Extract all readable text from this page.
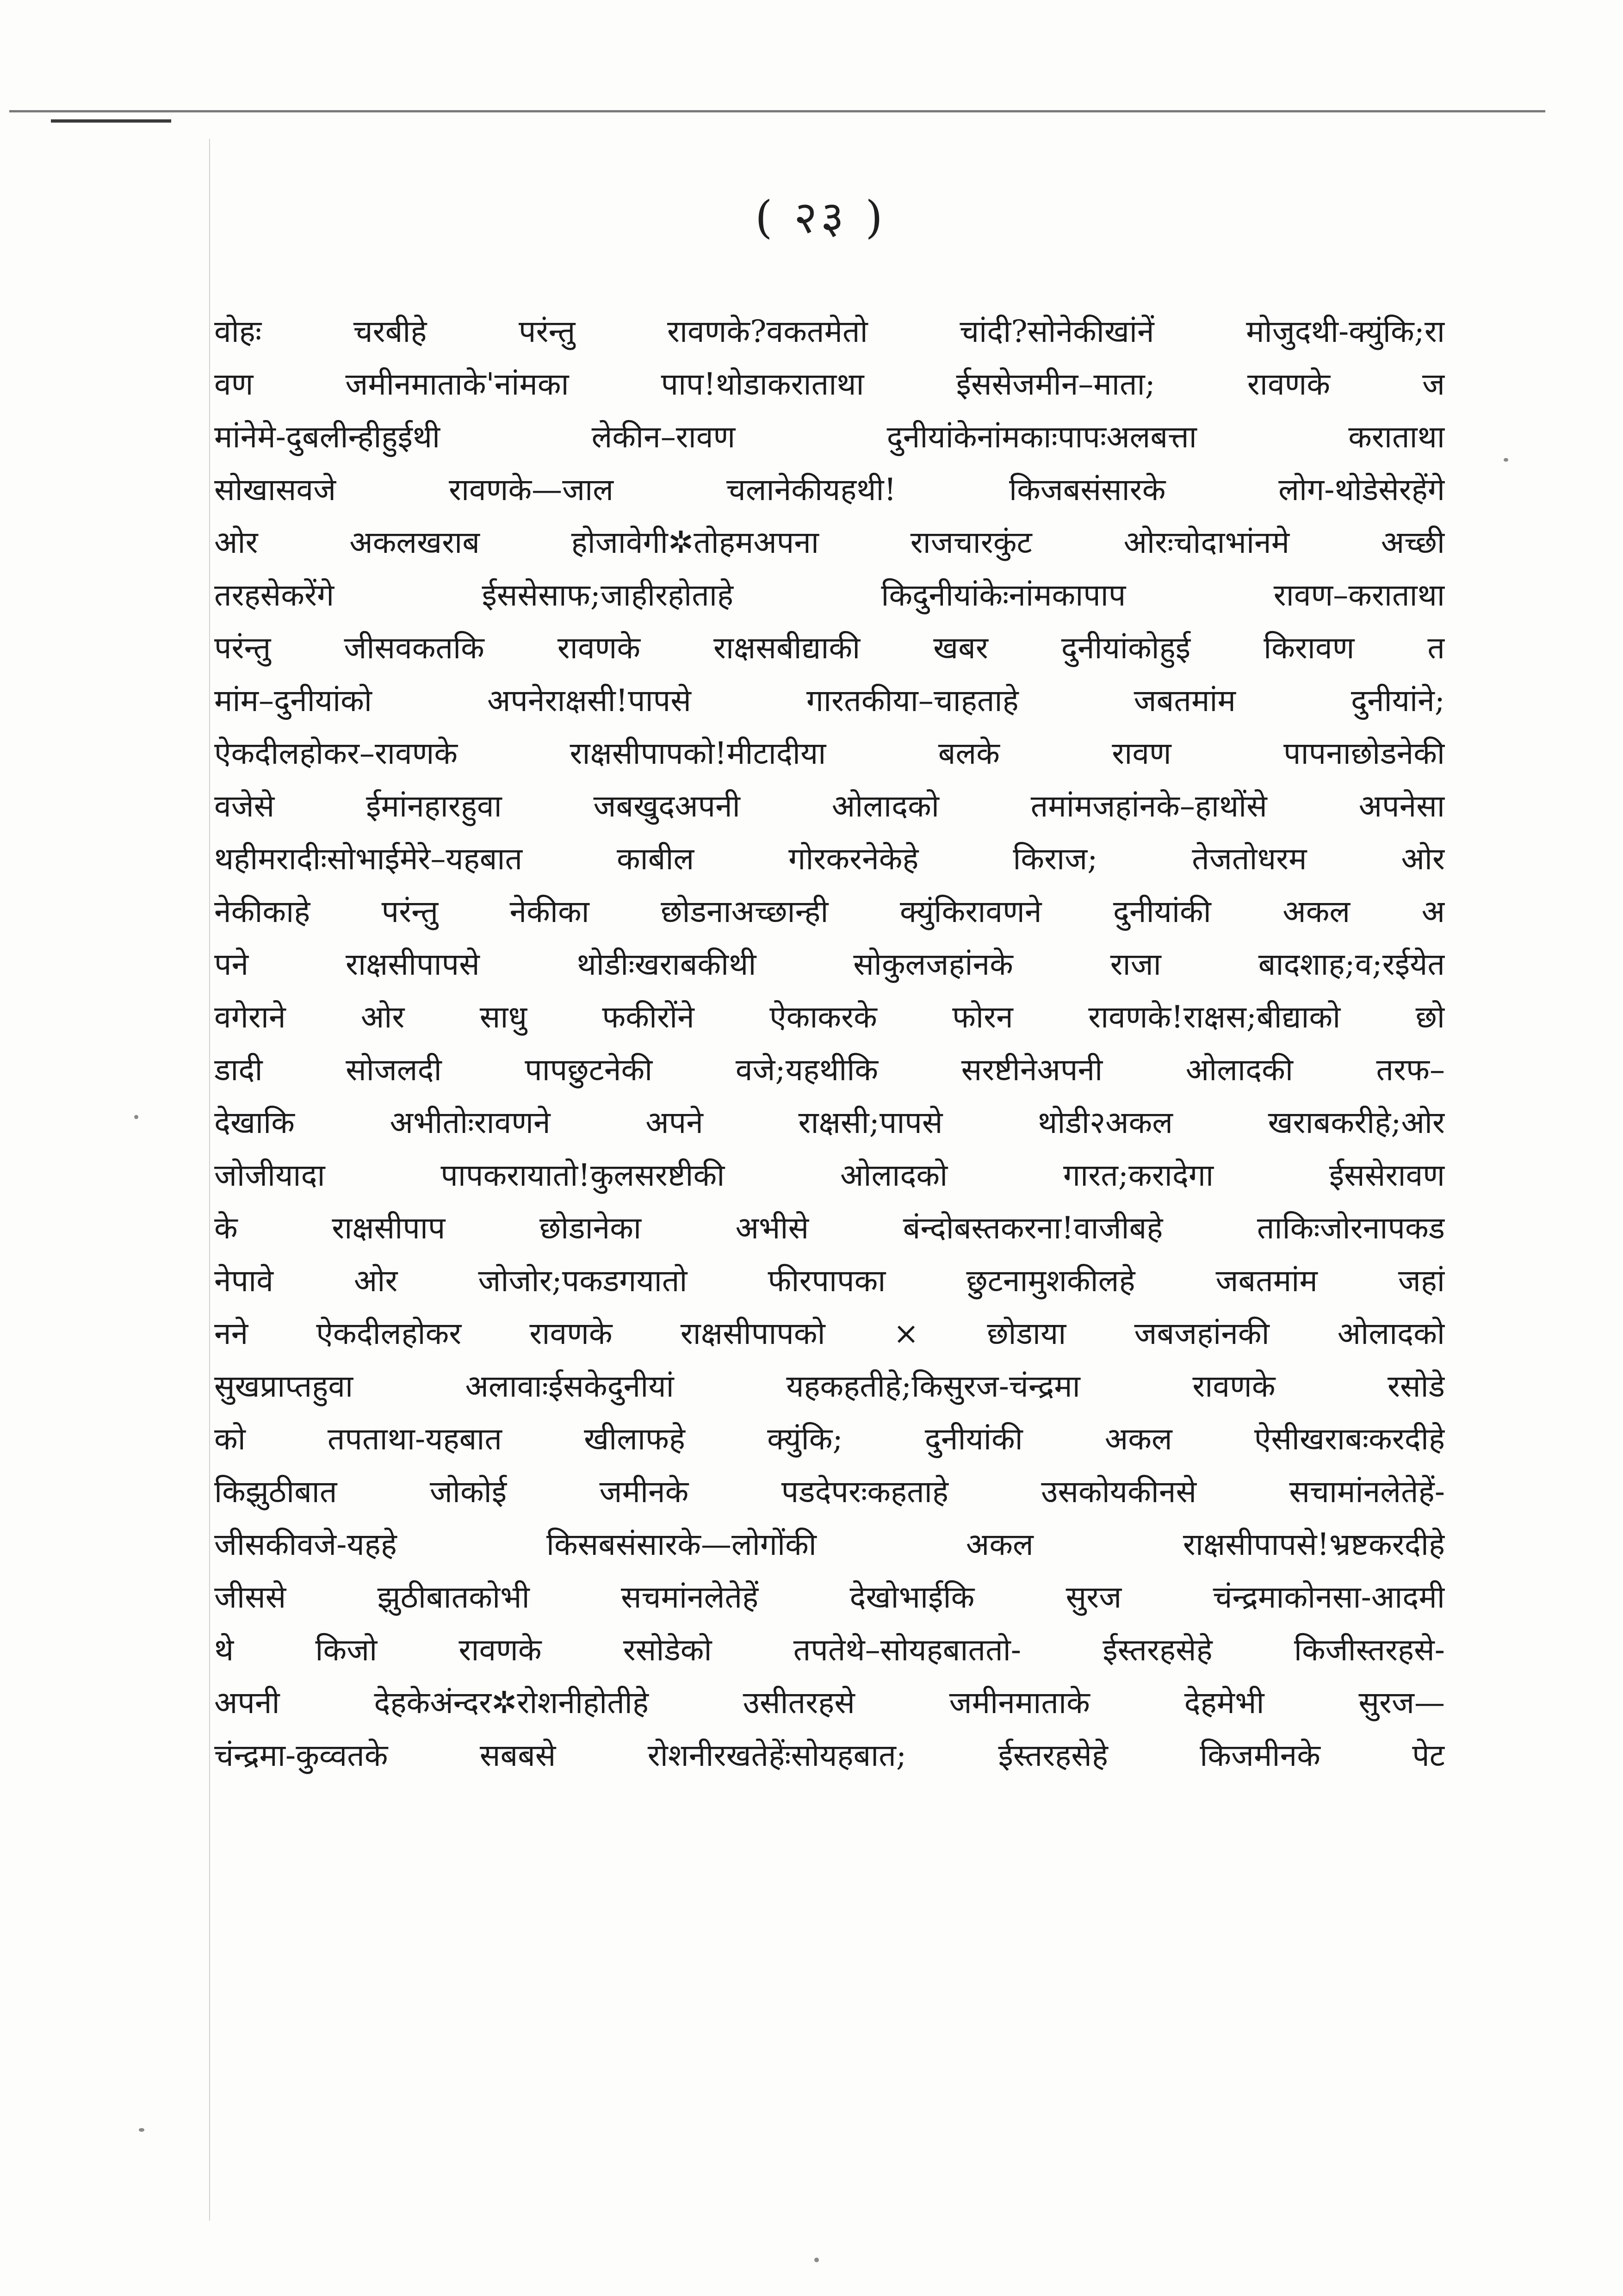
( २३ )
वोहः चरबीहे परंन्तु रावणके?वकतमेतो चांदी?सोनेकीखांनें मोजुदथी-क्युंकि;रा
वण जमीनमाताके'नांमका पाप!थोडाकराताथा ईससेजमीन–माता; रावणके ज
मांनेमे-दुबलीन्हीहुईथी लेकीन–रावण दुनीयांकेनांमकाःपापःअलबत्ता कराताथा
सोखासवजे रावणके—जाल चलानेकीयहथी! किजबसंसारके लोग-थोडेसेरहेंगे
ओर अकलखराब होजावेगी✲तोहमअपना राजचारकुंट ओरःचोदाभांनमे अच्छी
तरहसेकरेंगे ईससेसाफ;जाहीरहोताहे किदुनीयांकेःनांमकापाप रावण–कराताथा
परंन्तु जीसवकतकि रावणके राक्षसबीद्याकी खबर दुनीयांकोहुई किरावण त
मांम–दुनीयांको अपनेराक्षसी!पापसे गारतकीया–चाहताहे जबतमांम दुनीयांने;
ऐकदीलहोकर–रावणके राक्षसीपापको!मीटादीया बलके रावण पापनाछोडनेकी
वजेसे ईमांनहारहुवा जबखुदअपनी ओलादको तमांमजहांनके–हाथोंसे अपनेसा
थहीमरादीःसोभाईमेरे–यहबात काबील गोरकरनेकेहे किराज; तेजतोधरम ओर
नेकीकाहे परंन्तु नेकीका छोडनाअच्छान्ही क्युंकिरावणने दुनीयांकी अकल अ
पने राक्षसीपापसे थोडीःखराबकीथी सोकुलजहांनके राजा बादशाह;व;रईयेत
वगेराने ओर साधु फकीरोंने ऐकाकरके फोरन रावणके!राक्षस;बीद्याको छो
डादी सोजलदी पापछुटनेकी वजे;यहथीकि सरष्टीनेअपनी ओलादकी तरफ–
देखाकि अभीतोःरावणने अपने राक्षसी;पापसे थोडी२अकल खराबकरीहे;ओर
जोजीयादा पापकरायातो!कुलसरष्टीकी ओलादको गारत;करादेगा ईससेरावण
के राक्षसीपाप छोडानेका अभीसे बंन्दोबस्तकरना!वाजीबहे ताकिःजोरनापकड
नेपावे ओर जोजोर;पकडगयातो फीरपापका छुटनामुशकीलहे जबतमांम जहां
नने ऐकदीलहोकर रावणके राक्षसीपापको × छोडाया जबजहांनकी ओलादको
सुखप्राप्तहुवा अलावाःईसकेदुनीयां यहकहतीहे;किसुरज-चंन्द्रमा रावणके रसोडे
को तपताथा-यहबात खीलाफहे क्युंकि; दुनीयांकी अकल ऐसीखराबःकरदीहे
किझुठीबात जोकोई जमीनके पडदेपरःकहताहे उसकोयकीनसे सचामांनलेतेहें-
जीसकीवजे-यहहे किसबसंसारके—लोगोंकी अकल राक्षसीपापसे!भ्रष्टकरदीहे
जीससे झुठीबातकोभी सचमांनलेतेहें देखोभाईकि सुरज चंन्द्रमाकोनसा-आदमी
थे किजो रावणके रसोडेको तपतेथे–सोयहबाततो- ईस्तरहसेहे किजीस्तरहसे-
अपनी देहकेअंन्दर✲रोशनीहोतीहे उसीतरहसे जमीनमाताके देहमेभी सुरज—
चंन्द्रमा-कुव्वतके सबबसे रोशनीरखतेहेंःसोयहबात; ईस्तरहसेहे किजमीनके पेट
